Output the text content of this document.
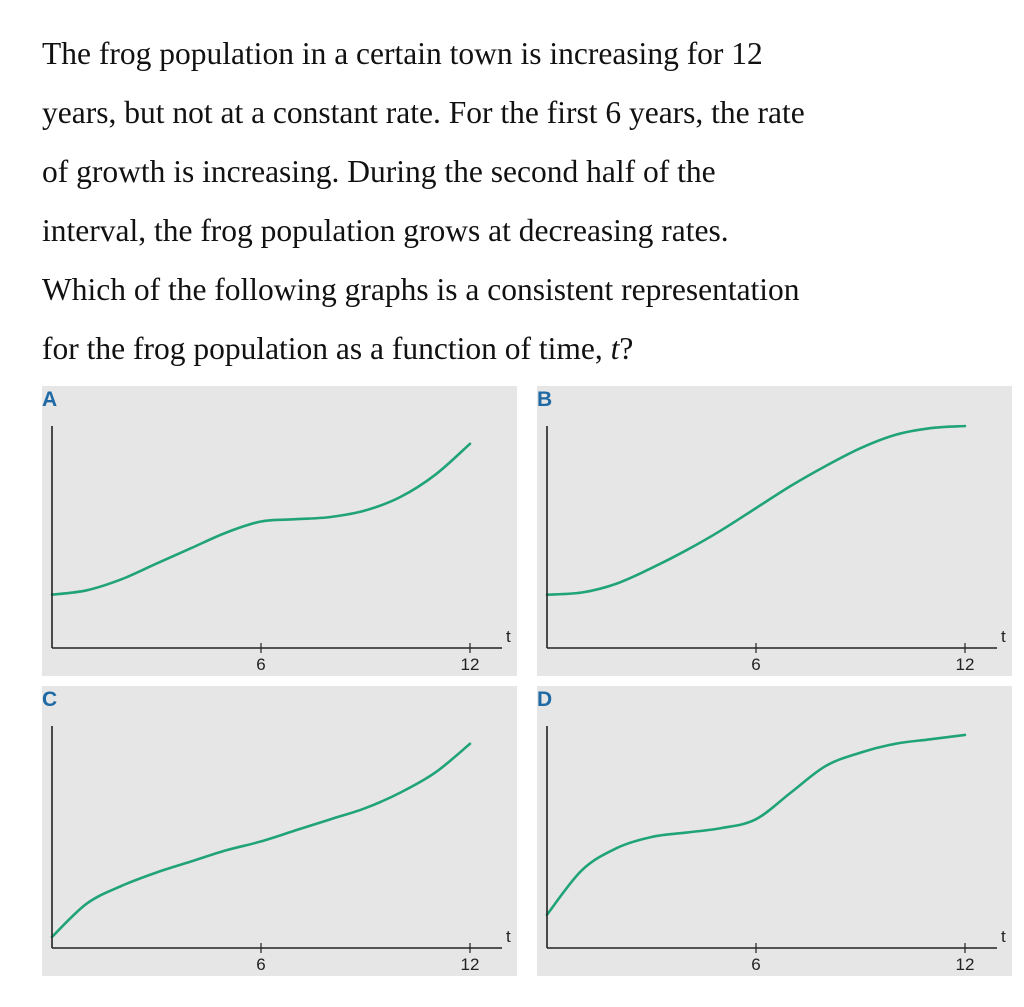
The frog population in a certain town is increasing for 12
years, but not at a constant rate. For the first 6 years, the rate
of growth is increasing. During the second half of the
interval, the frog population grows at decreasing rates.
Which of the following graphs is a consistent representation
for the frog population as a function of time, t?
A
6	12
t
B
6	12
t
C
6	12
t
D
6	12
t
